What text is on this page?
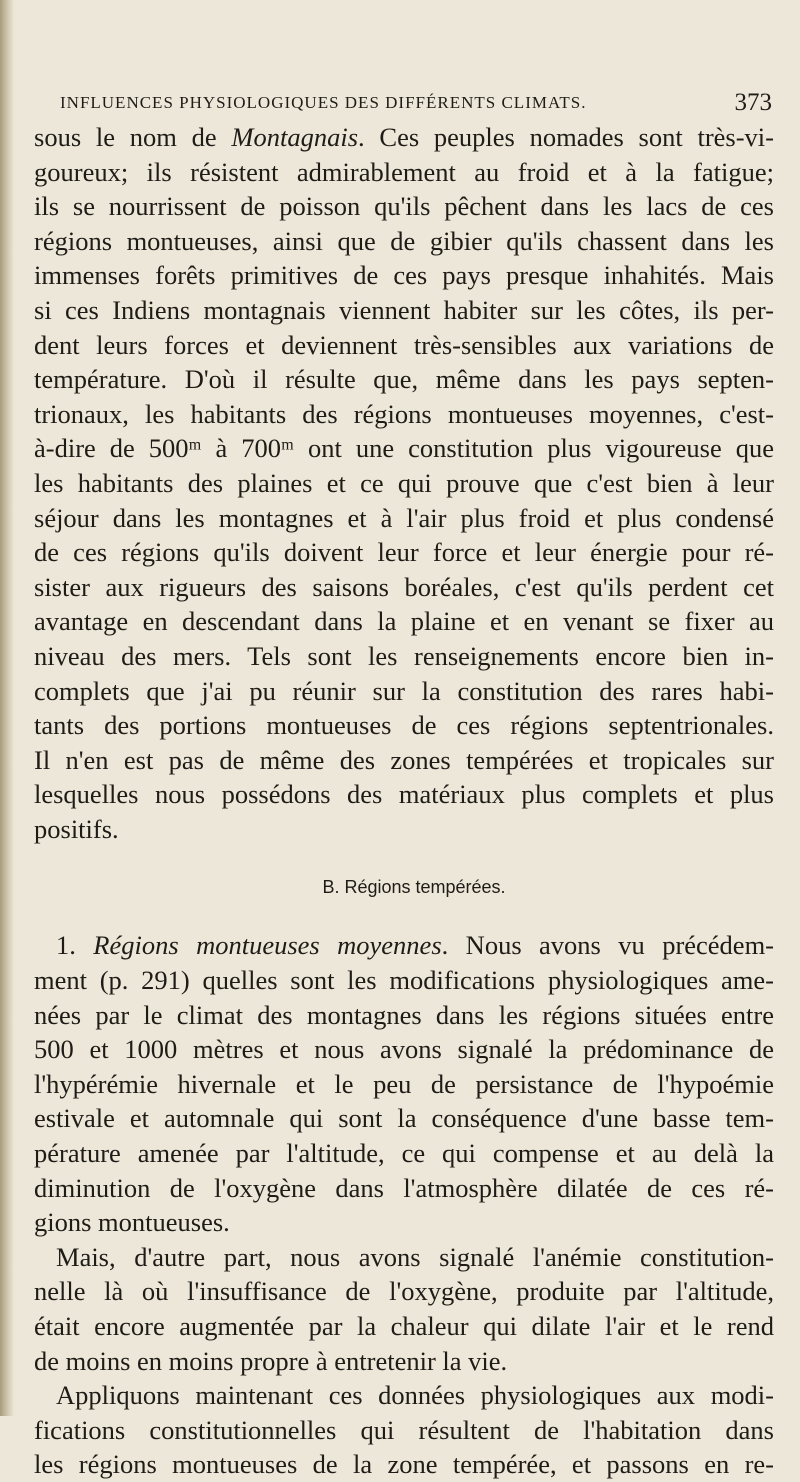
INFLUENCES PHYSIOLOGIQUES DES DIFFÉRENTS CLIMATS.	373
sous le nom de Montagnais. Ces peuples nomades sont très-vi-
goureux; ils résistent admirablement au froid et à la fatigue;
ils se nourrissent de poisson qu'ils pêchent dans les lacs de ces
régions montueuses, ainsi que de gibier qu'ils chassent dans les
immenses forêts primitives de ces pays presque inhahités. Mais
si ces Indiens montagnais viennent habiter sur les côtes, ils per-
dent leurs forces et deviennent très-sensibles aux variations de
température. D'où il résulte que, même dans les pays septen-
trionaux, les habitants des régions montueuses moyennes, c'est-
à-dire de 500ᵐ à 700ᵐ ont une constitution plus vigoureuse que
les habitants des plaines et ce qui prouve que c'est bien à leur
séjour dans les montagnes et à l'air plus froid et plus condensé
de ces régions qu'ils doivent leur force et leur énergie pour ré-
sister aux rigueurs des saisons boréales, c'est qu'ils perdent cet
avantage en descendant dans la plaine et en venant se fixer au
niveau des mers. Tels sont les renseignements encore bien in-
complets que j'ai pu réunir sur la constitution des rares habi-
tants des portions montueuses de ces régions septentrionales.
Il n'en est pas de même des zones tempérées et tropicales sur
lesquelles nous possédons des matériaux plus complets et plus
positifs.
B. Régions tempérées.
1. Régions montueuses moyennes. Nous avons vu précédem-
ment (p. 291) quelles sont les modifications physiologiques ame-
nées par le climat des montagnes dans les régions situées entre
500 et 1000 mètres et nous avons signalé la prédominance de
l'hypérémie hivernale et le peu de persistance de l'hypoémie
estivale et automnale qui sont la conséquence d'une basse tem-
pérature amenée par l'altitude, ce qui compense et au delà la
diminution de l'oxygène dans l'atmosphère dilatée de ces ré-
gions montueuses.
Mais, d'autre part, nous avons signalé l'anémie constitution-
nelle là où l'insuffisance de l'oxygène, produite par l'altitude,
était encore augmentée par la chaleur qui dilate l'air et le rend
de moins en moins propre à entretenir la vie.
Appliquons maintenant ces données physiologiques aux modi-
fications constitutionnelles qui résultent de l'habitation dans
les régions montueuses de la zone tempérée, et passons en re-
